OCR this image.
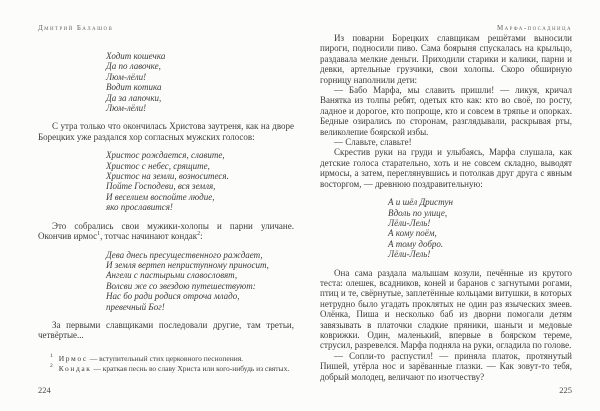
Дмитрий Балашов
Ходит кошечка
Да по лавочке,
Люм-лёли!
Водит котика
Да за лапочки,
Люм-лёли!

С утра только что окончилась Христова заутреня, как на дворе Борецких уже раздался хор согласных мужских голосов:

Христос рождается, славите,
Христос с небес, срящите,
Христос на земли, возноситеся.
Пойте Господеви, вся земля,
И веселием воспойте людие,
яко прославится!

Это собрались свои мужики-холопы и парни уличане. Окончив ирмос$^1$, тотчас начинают кондак$^2$:

Дева днесь пресущественного раждает,
И земля вертеп неприступному приносит,
Ангели с пастырьми славословят,
Волсви же со звездою путешествуют:
Нас бо ради родися отроча младо,
превечный Бог!

За первыми славщиками последовали другие, там третьи, четвёртые...

$^1$ Ирмос — вступительный стих церковного песнопения.
$^2$ Кондак — краткая песнь во славу Христа или кого-нибудь из святых.
224
Марфа-посадница

Из поварни Борецких славщикам решётами выносили пироги, подносили пиво. Сама боярыня спускалась на крыльцо, раздавала мелкие деньги. Приходили старики и калики, парни и девки, артельные грузчики, свои холопы. Скоро обширную горницу наполнили дети:

— Бабо Марфа, мы славить пришли! — ликуя, кричал Ванятка из толпы ребят, одетых кто как: кто во своё, по росту, ладное и дорогое, кто попроще, кто и совсем в тряпье и опорках. Бедные озирались по сторонам, разглядывали, раскрывая рты, великолепие боярской избы.

— Славьте, славьте!

Скрестив руки на груди и улыбаясь, Марфа слушала, как детские голоса старательно, хоть и не совсем складно, выводят ирмосы, а затем, переглянувшись и потолкав друг друга с явным восторгом, — древнюю поздравительную:

А и шёл Дристун
Вдоль по улице,
Лёли-Лель!
А кому поём,
А тому добро.
Лёли-Лель!

Она сама раздала малышам козули, печённые из крутого теста: олешек, всадников, коней и баранов с загнутыми рогами, птиц и те, свёрнутые, заплетённые кольцами витушки, в которых нетрудно было угадать проклятых не один раз языческих змеев. Олёнка, Пиша и несколько баб из дворни помогали детям завязывать в платочки сладкие пряники, шаньги и медовые коврижки. Один, маленький, впервые в боярском тереме, струсил, разревелся. Марфа подняла на руки, огладила по голове.

— Сопли-то распустил! — приняла платок, протянутый Пишей, утёрла нос и зарёванные глазки. — Как зовут-то тебя, добрый молодец, величают по изотчеству?

225
